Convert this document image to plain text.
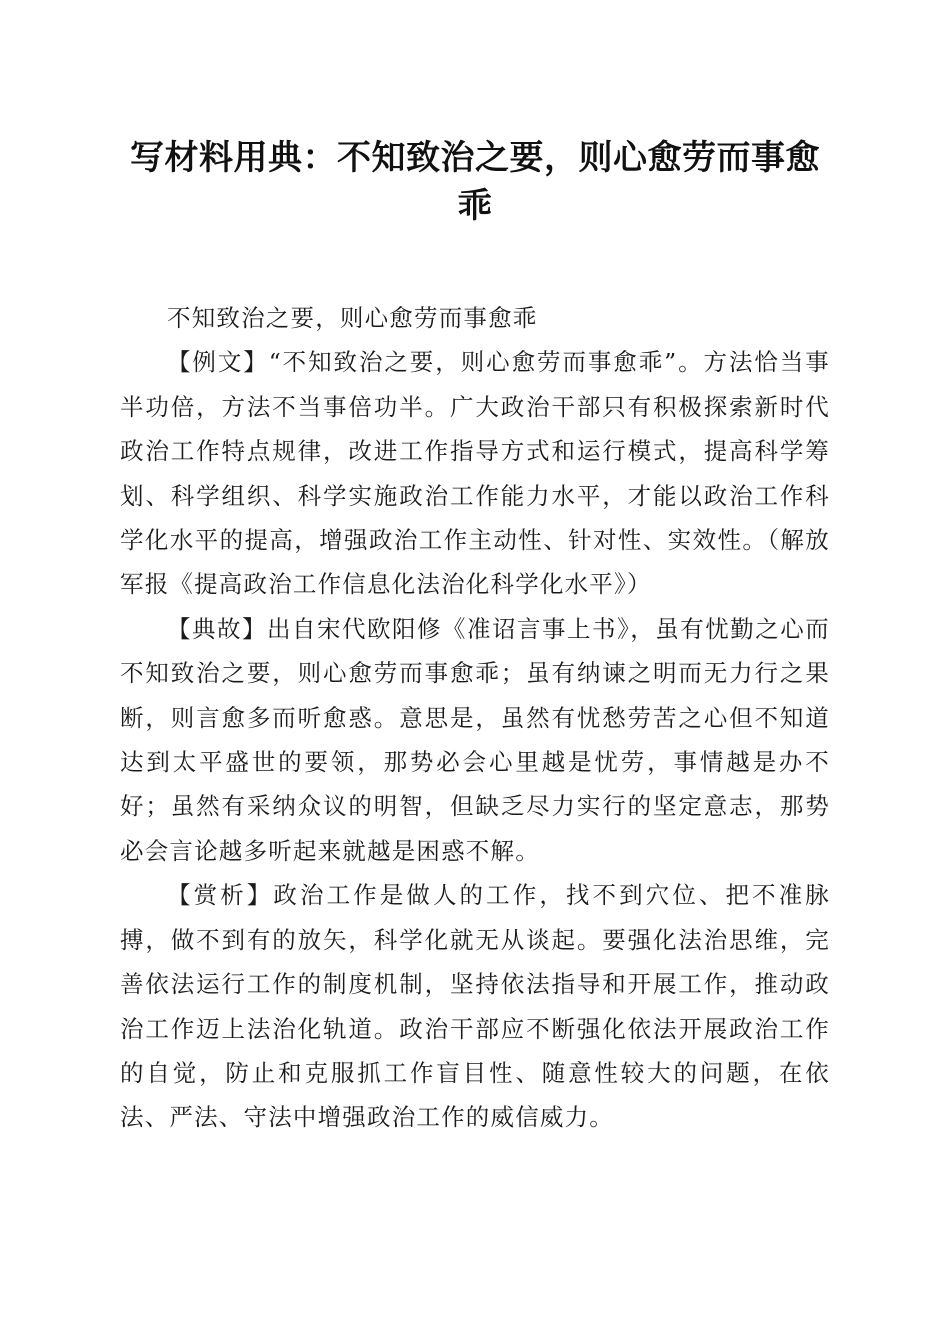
写材料用典：不知致治之要，则心愈劳而事愈乖

不知致治之要，则心愈劳而事愈乖

【例文】“不知致治之要，则心愈劳而事愈乖”。方法恰当事半功倍，方法不当事倍功半。广大政治干部只有积极探索新时代政治工作特点规律，改进工作指导方式和运行模式，提高科学筹划、科学组织、科学实施政治工作能力水平，才能以政治工作科学化水平的提高，增强政治工作主动性、针对性、实效性。（解放军报《提高政治工作信息化法治化科学化水平》）

【典故】出自宋代欧阳修《准诏言事上书》，虽有忧勤之心而不知致治之要，则心愈劳而事愈乖；虽有纳谏之明而无力行之果断，则言愈多而听愈惑。意思是，虽然有忧愁劳苦之心但不知道达到太平盛世的要领，那势必会心里越是忧劳，事情越是办不好；虽然有采纳众议的明智，但缺乏尽力实行的坚定意志，那势必会言论越多听起来就越是困惑不解。

【赏析】政治工作是做人的工作，找不到穴位、把不准脉搏，做不到有的放矢，科学化就无从谈起。要强化法治思维，完善依法运行工作的制度机制，坚持依法指导和开展工作，推动政治工作迈上法治化轨道。政治干部应不断强化依法开展政治工作的自觉，防止和克服抓工作盲目性、随意性较大的问题，在依法、严法、守法中增强政治工作的威信威力。
